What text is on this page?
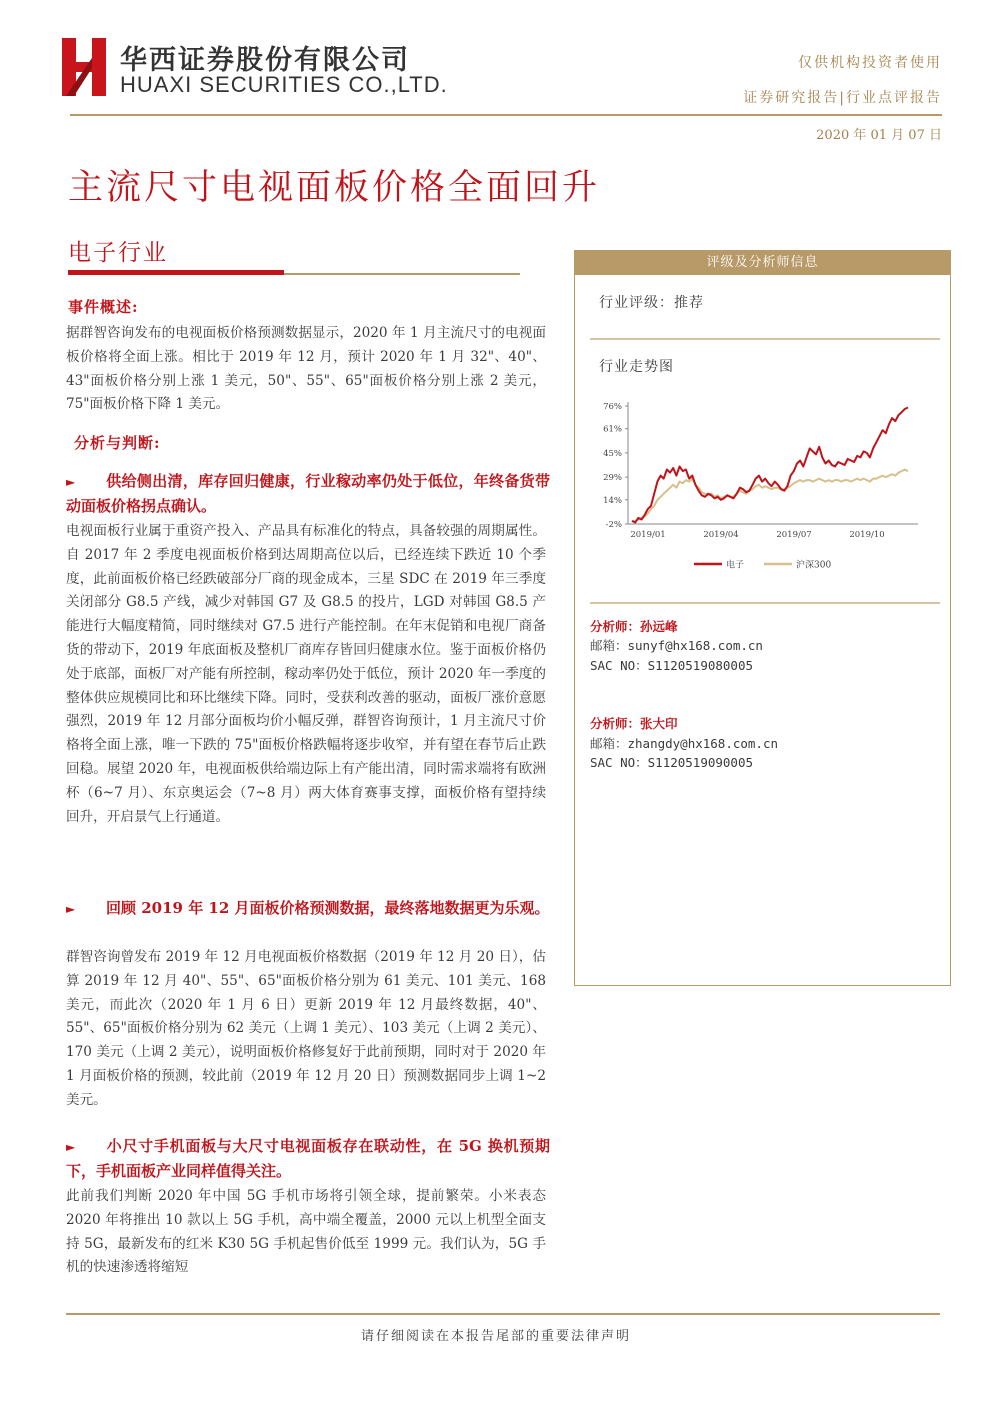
华西证券股份有限公司
HUAXI SECURITIES CO.,LTD.
仅供机构投资者使用
证券研究报告|行业点评报告
2020 年 01 月 07 日
主流尺寸电视面板价格全面回升
电子行业
事件概述:
据群智咨询发布的电视面板价格预测数据显示，2020 年 1 月主流尺寸的电视面板价格将全面上涨。相比于 2019 年 12 月，预计 2020 年 1 月 32"、40"、43"面板价格分别上涨 1 美元，50"、55"、65"面板价格分别上涨 2 美元，75"面板价格下降 1 美元。
分析与判断:
► 供给侧出清，库存回归健康，行业稼动率仍处于低位，年终备货带动面板价格拐点确认。
电视面板行业属于重资产投入、产品具有标准化的特点，具备较强的周期属性。自 2017 年 2 季度电视面板价格到达周期高位以后，已经连续下跌近 10 个季度，此前面板价格已经跌破部分厂商的现金成本，三星 SDC 在 2019 年三季度关闭部分 G8.5 产线，减少对韩国 G7 及 G8.5 的投片，LGD 对韩国 G8.5 产能进行大幅度精简，同时继续对 G7.5 进行产能控制。在年末促销和电视厂商备货的带动下，2019 年底面板及整机厂商库存皆回归健康水位。鉴于面板价格仍处于底部，面板厂对产能有所控制，稼动率仍处于低位，预计 2020 年一季度的整体供应规模同比和环比继续下降。同时，受获利改善的驱动，面板厂涨价意愿强烈，2019 年 12 月部分面板均价小幅反弹，群智咨询预计，1 月主流尺寸价格将全面上涨，唯一下跌的 75"面板价格跌幅将逐步收窄，并有望在春节后止跌回稳。展望 2020 年，电视面板供给端边际上有产能出清，同时需求端将有欧洲杯（6~7 月）、东京奥运会（7~8 月）两大体育赛事支撑，面板价格有望持续回升，开启景气上行通道。
► 回顾 2019 年 12 月面板价格预测数据，最终落地数据更为乐观。
群智咨询曾发布 2019 年 12 月电视面板价格数据（2019 年 12 月 20 日），估算 2019 年 12 月 40"、55"、65"面板价格分别为 61 美元、101 美元、168 美元，而此次（2020 年 1 月 6 日）更新 2019 年 12 月最终数据，40"、55"、65"面板价格分别为 62 美元（上调 1 美元）、103 美元（上调 2 美元）、170 美元（上调 2 美元），说明面板价格修复好于此前预期，同时对于 2020 年 1 月面板价格的预测，较此前（2019 年 12 月 20 日）预测数据同步上调 1~2 美元。
► 小尺寸手机面板与大尺寸电视面板存在联动性，在 5G 换机预期下，手机面板产业同样值得关注。
此前我们判断 2020 年中国 5G 手机市场将引领全球，提前繁荣。小米表态 2020 年将推出 10 款以上 5G 手机，高中端全覆盖，2000 元以上机型全面支持 5G，最新发布的红米 K30 5G 手机起售价低至 1999 元。我们认为，5G 手机的快速渗透将缩短
评级及分析师信息
行业评级：推荐
行业走势图
76%
61%
45%
29%
14%
-2%
2019/01	2019/04	2019/07	2019/10
电子	沪深300
分析师：孙远峰
邮箱：sunyf@hx168.com.cn
SAC NO：S1120519080005
分析师：张大印
邮箱：zhangdy@hx168.com.cn
SAC NO：S1120519090005
请仔细阅读在本报告尾部的重要法律声明
